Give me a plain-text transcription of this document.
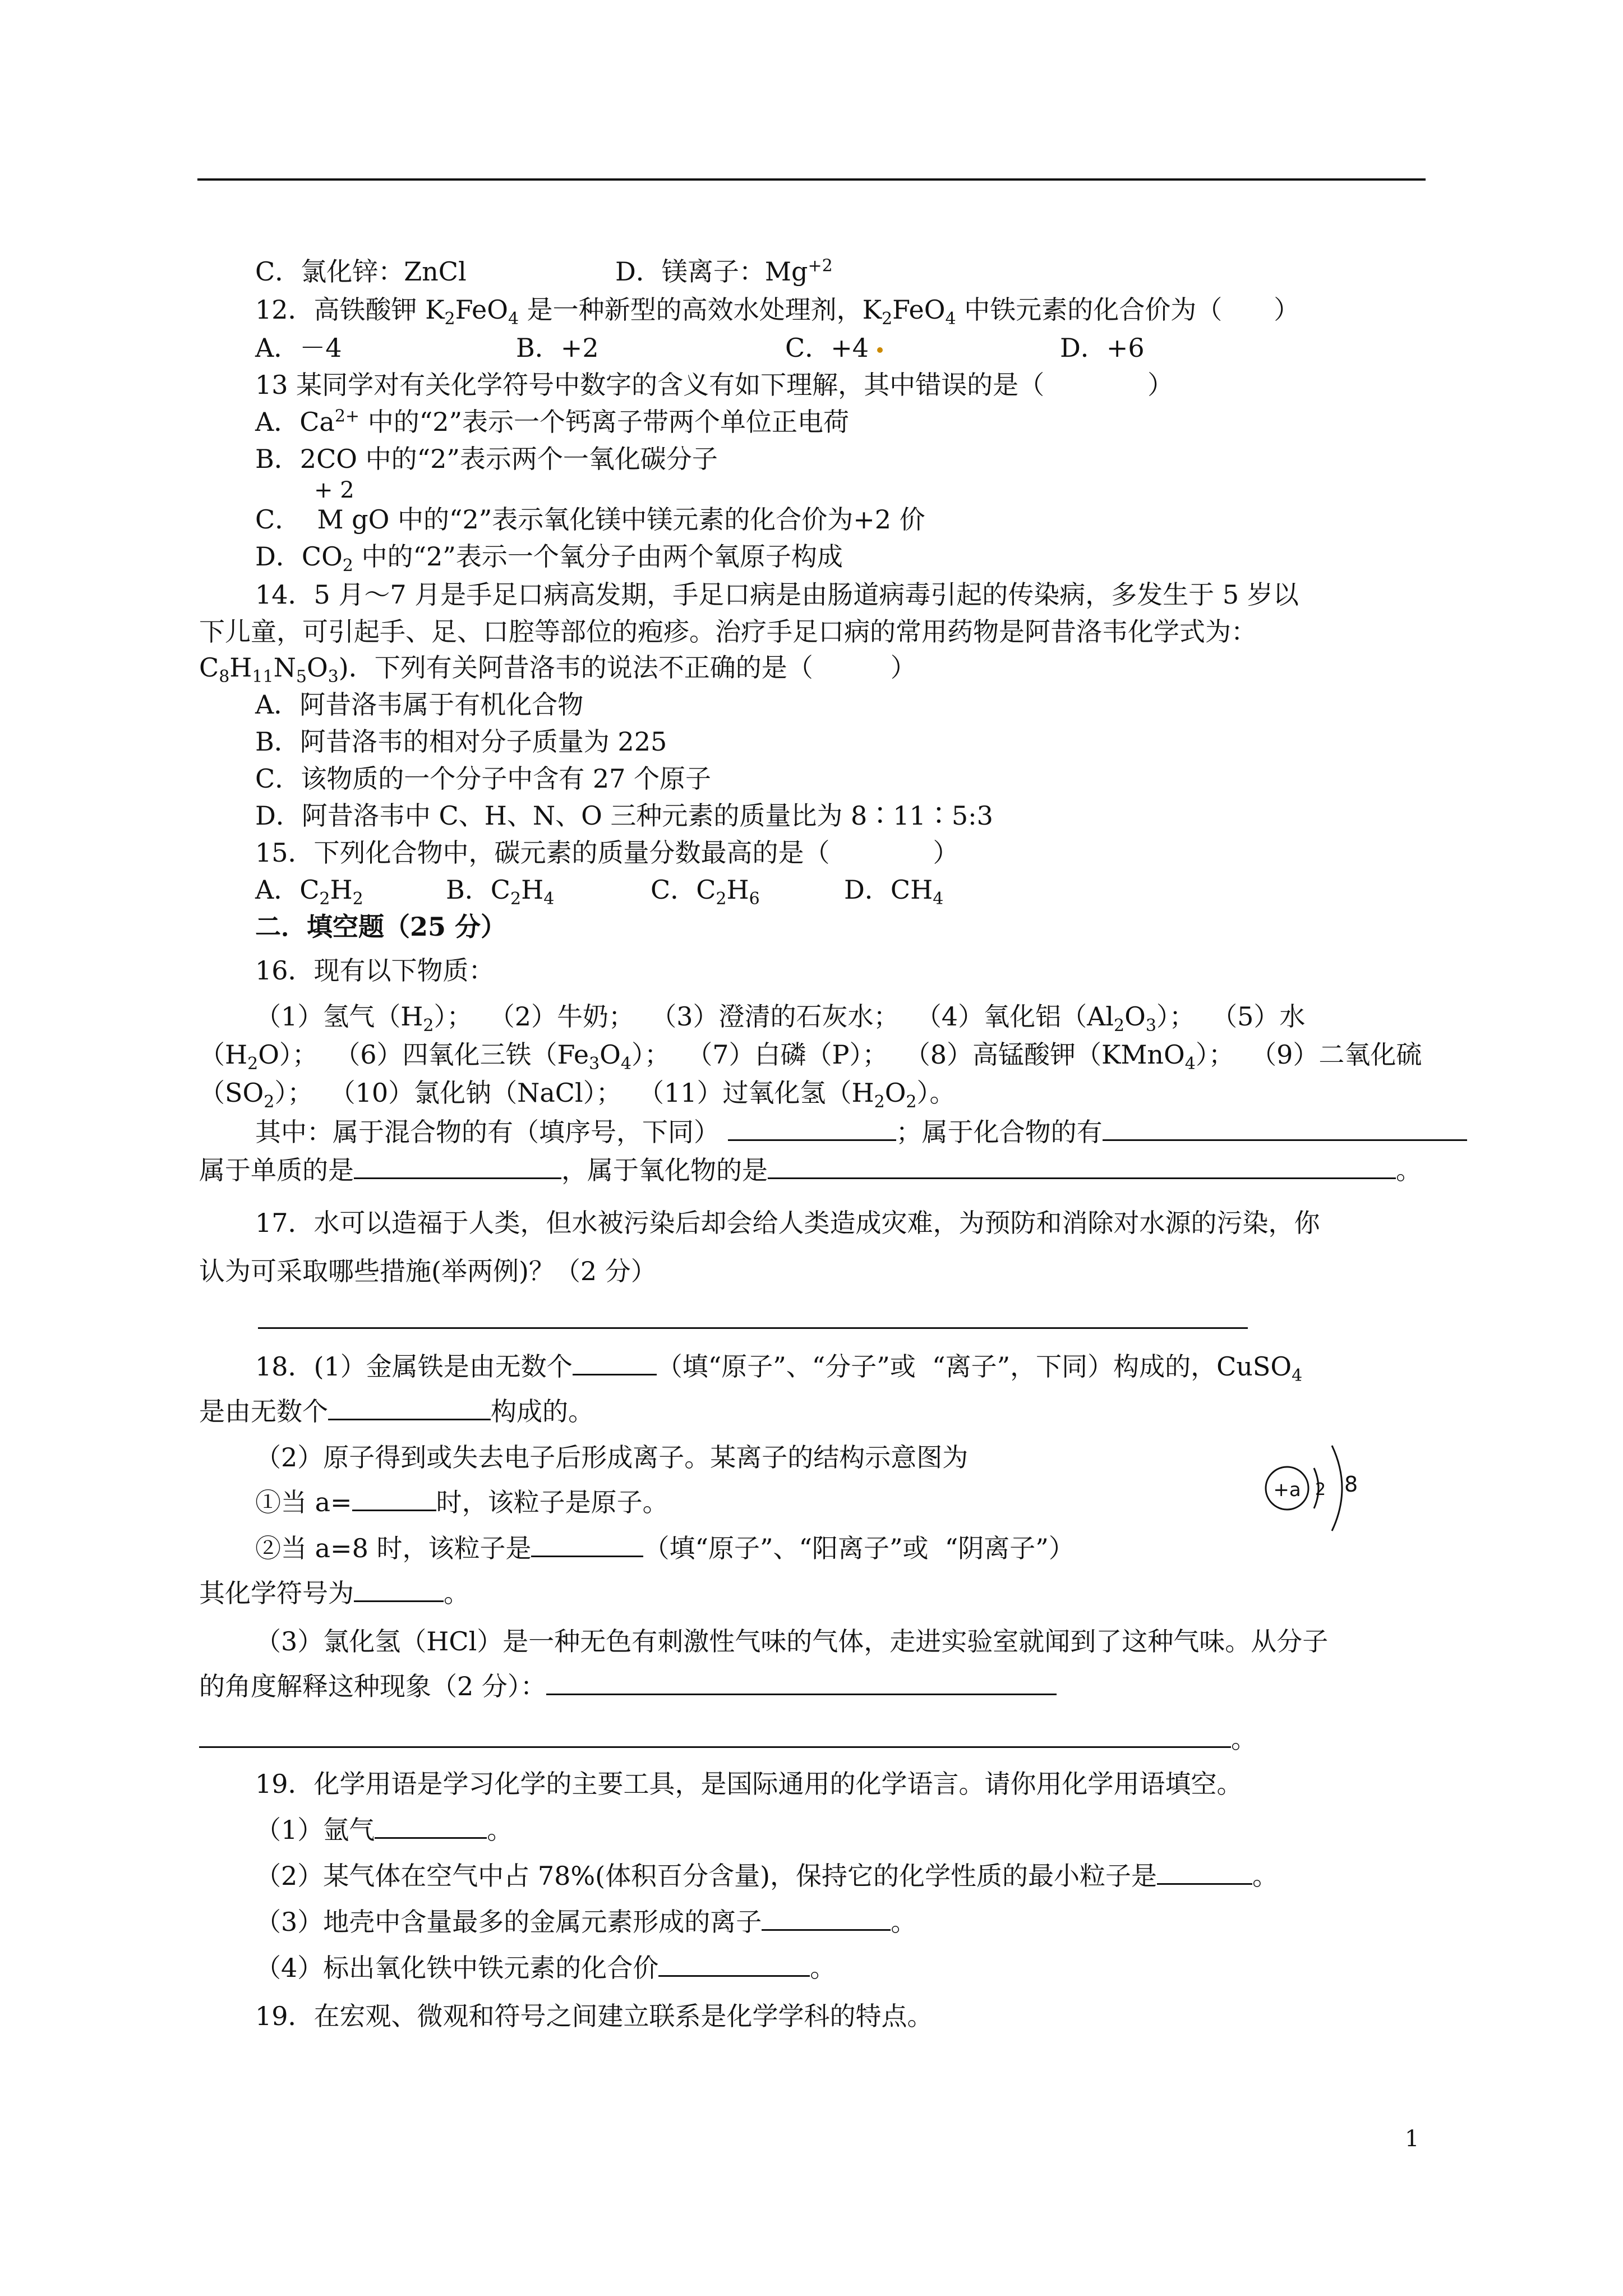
C．氯化锌：ZnCl	D．镁离子：$Mg^{+2}$
12．高铁酸钾 $K_2FeO_4$ 是一种新型的高效水处理剂，$K_2FeO_4$ 中铁元素的化合价为（　　）
A．－4	B．+2	C．+4	D．+6
13 某同学对有关化学符号中数字的含义有如下理解，其中错误的是（　　　　）
A．$Ca^{2+}$ 中的“2”表示一个钙离子带两个单位正电荷
B．2CO 中的“2”表示两个一氧化碳分子
+ 2
C．  M gO 中的“2”表示氧化镁中镁元素的化合价为+2 价
D．$CO_2$ 中的“2”表示一个氧分子由两个氧原子构成
14．5 月～7 月是手足口病高发期，手足口病是由肠道病毒引起的传染病，多发生于 5 岁以
下儿童，可引起手、足、口腔等部位的疱疹。治疗手足口病的常用药物是阿昔洛韦化学式为：
$C_8H_{11}N_5O_3$)．下列有关阿昔洛韦的说法不正确的是（　　　）
A．阿昔洛韦属于有机化合物
B．阿昔洛韦的相对分子质量为 225
C．该物质的一个分子中含有 27 个原子
D．阿昔洛韦中 C、H、N、O 三种元素的质量比为 8∶11∶5:3
15．下列化合物中，碳元素的质量分数最高的是（　　　　）
A．$C_2H_2$	B．$C_2H_4$	C．$C_2H_6$	D．$CH_4$
二．填空题（25 分）
16．现有以下物质：
（1）氢气$(H_2)$；  （2）牛奶； （3）澄清的石灰水； （4）氧化铝$(Al_2O_3)$；  （5）水
$(H_2O)$；  （6）四氧化三铁$(Fe_3O_4)$；  （7）白磷（P）； （8）高锰酸钾（KMnO$_4$）；  （9）二氧化硫
$(SO_2)$；  （10）氯化钠（NaCl）； （11）过氧化氢$(H_2O_2)$。
其中：属于混合物的有（填序号，下同）	；属于化合物的有
属于单质的是	，属于氧化物的是	。
17．水可以造福于人类，但水被污染后却会给人类造成灾难，为预防和消除对水源的污染，你
认为可采取哪些措施(举两例)？（2 分）
18．(1）金属铁是由无数个	（填“原子”、“分子”或  “离子”，下同）构成的，CuSO$_4$
是由无数个	构成的。
（2）原子得到或失去电子后形成离子。某离子的结构示意图为
①当 a=	时，该粒子是原子。
②当 a=8 时，该粒子是	（填“原子”、“阳离子”或  “阴离子”）
其化学符号为	。
（3）氯化氢（HCl）是一种无色有刺激性气味的气体，走进实验室就闻到了这种气味。从分子
的角度解释这种现象（2 分）：
。
+a 2 8
19．化学用语是学习化学的主要工具，是国际通用的化学语言。请你用化学用语填空。
（1）氩气	。
（2）某气体在空气中占 78%(体积百分含量)，保持它的化学性质的最小粒子是	。
（3）地壳中含量最多的金属元素形成的离子	。
（4）标出氧化铁中铁元素的化合价	。
19．在宏观、微观和符号之间建立联系是化学学科的特点。
1
